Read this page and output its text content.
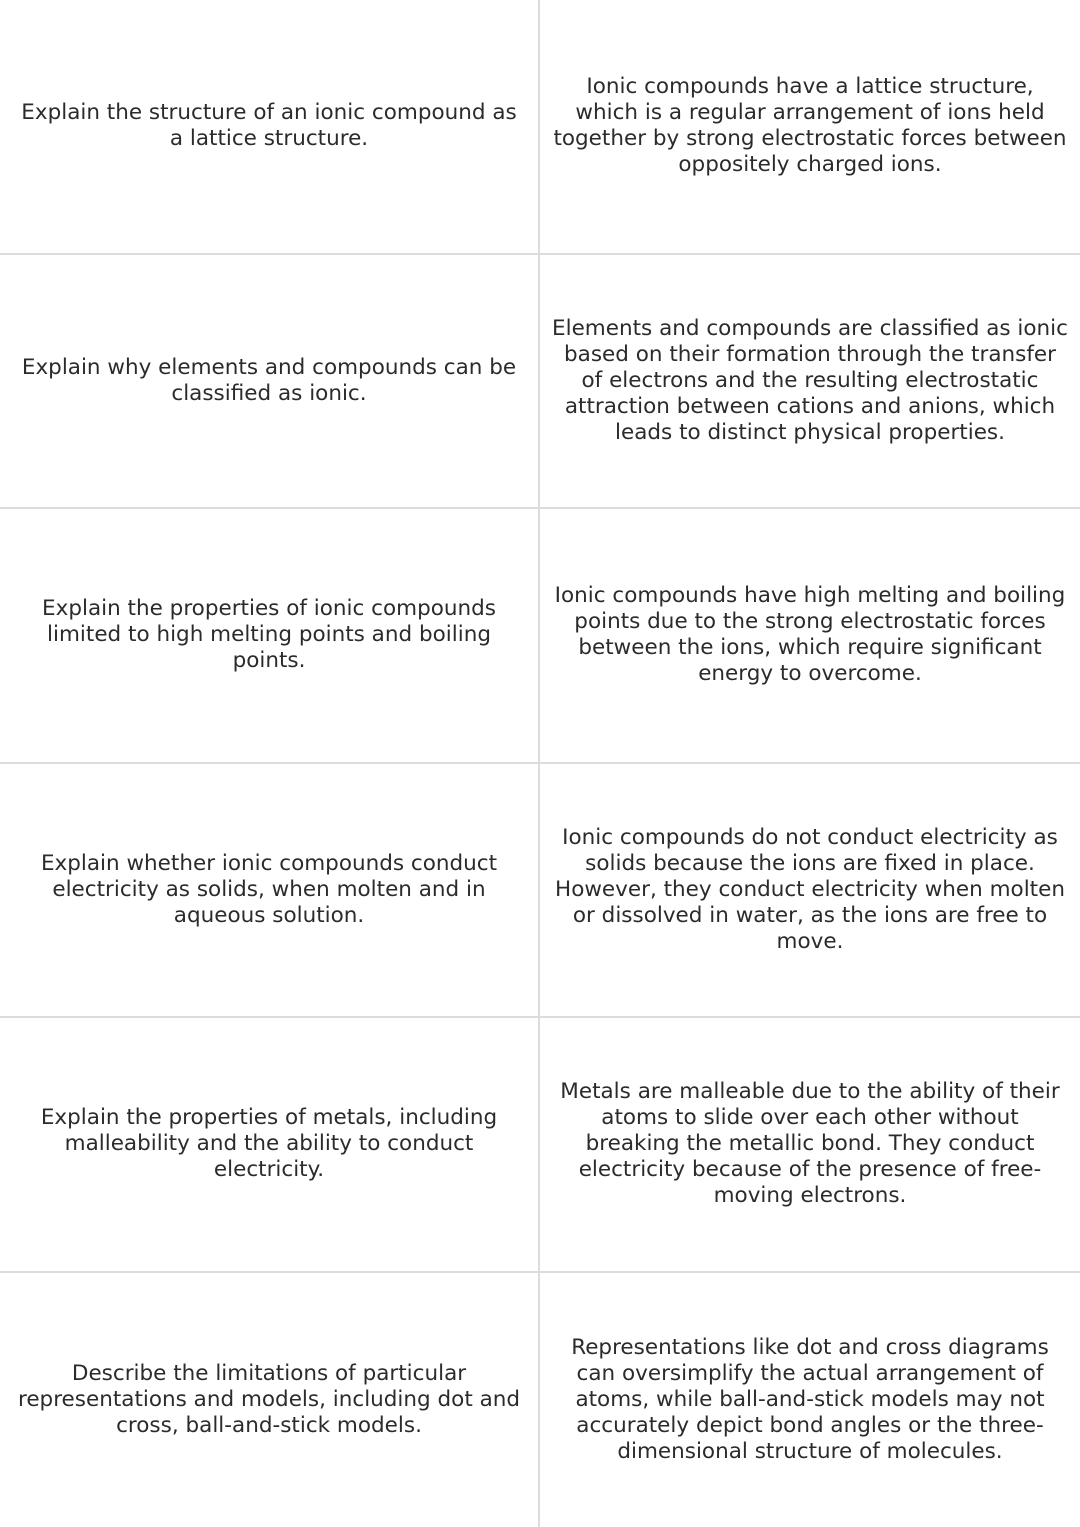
Explain the structure of an ionic compound as a lattice structure.
Ionic compounds have a lattice structure, which is a regular arrangement of ions held together by strong electrostatic forces between oppositely charged ions.
Explain why elements and compounds can be classified as ionic.
Elements and compounds are classified as ionic based on their formation through the transfer of electrons and the resulting electrostatic attraction between cations and anions, which leads to distinct physical properties.
Explain the properties of ionic compounds limited to high melting points and boiling points.
Ionic compounds have high melting and boiling points due to the strong electrostatic forces between the ions, which require significant energy to overcome.
Explain whether ionic compounds conduct electricity as solids, when molten and in aqueous solution.
Ionic compounds do not conduct electricity as solids because the ions are fixed in place. However, they conduct electricity when molten or dissolved in water, as the ions are free to move.
Explain the properties of metals, including malleability and the ability to conduct electricity.
Metals are malleable due to the ability of their atoms to slide over each other without breaking the metallic bond. They conduct electricity because of the presence of free-moving electrons.
Describe the limitations of particular representations and models, including dot and cross, ball-and-stick models.
Representations like dot and cross diagrams can oversimplify the actual arrangement of atoms, while ball-and-stick models may not accurately depict bond angles or the three-dimensional structure of molecules.
